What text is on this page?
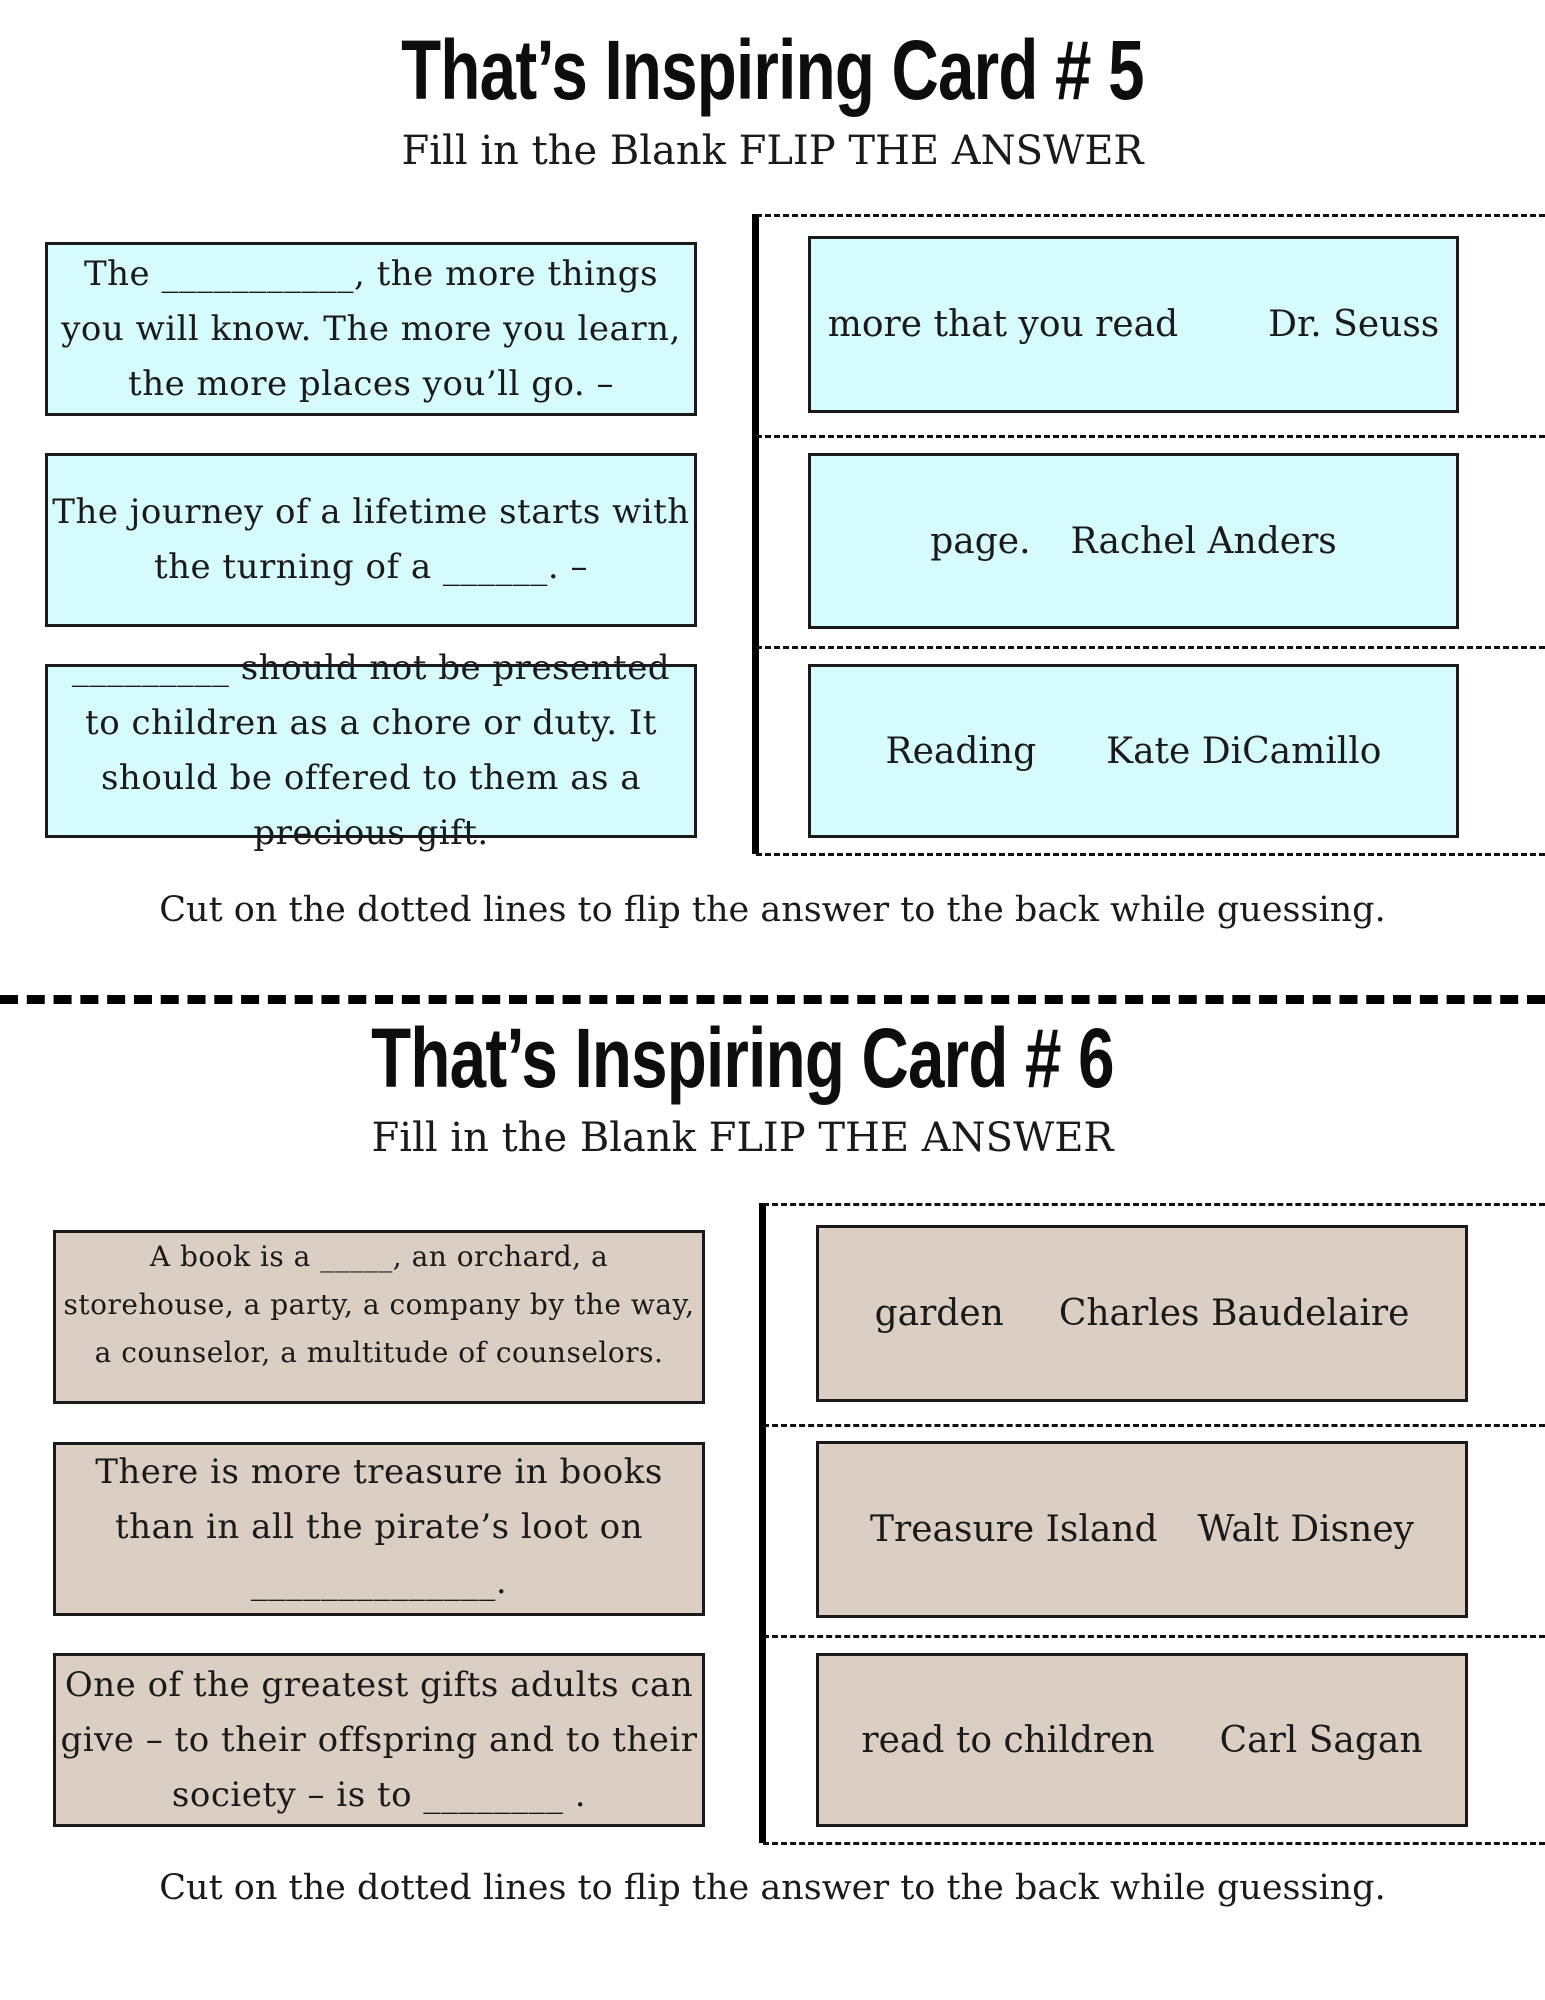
That’s Inspiring Card # 5
Fill in the Blank FLIP THE ANSWER
The ___________, the more things you will know. The more you learn, the more places you’ll go. –
The journey of a lifetime starts with the turning of a ______. –
_________ should not be presented to children as a chore or duty. It should be offered to them as a precious gift.
more that you read	Dr. Seuss
page. Rachel Anders
Reading Kate DiCamillo
Cut on the dotted lines to flip the answer to the back while guessing.
That’s Inspiring Card # 6
Fill in the Blank FLIP THE ANSWER
A book is a _____, an orchard, a storehouse, a party, a company by the way, a counselor, a multitude of counselors.
There is more treasure in books than in all the pirate’s loot on ______________.
One of the greatest gifts adults can give – to their offspring and to their society – is to ________ .
garden Charles Baudelaire
Treasure Island Walt Disney
read to children Carl Sagan
Cut on the dotted lines to flip the answer to the back while guessing.
